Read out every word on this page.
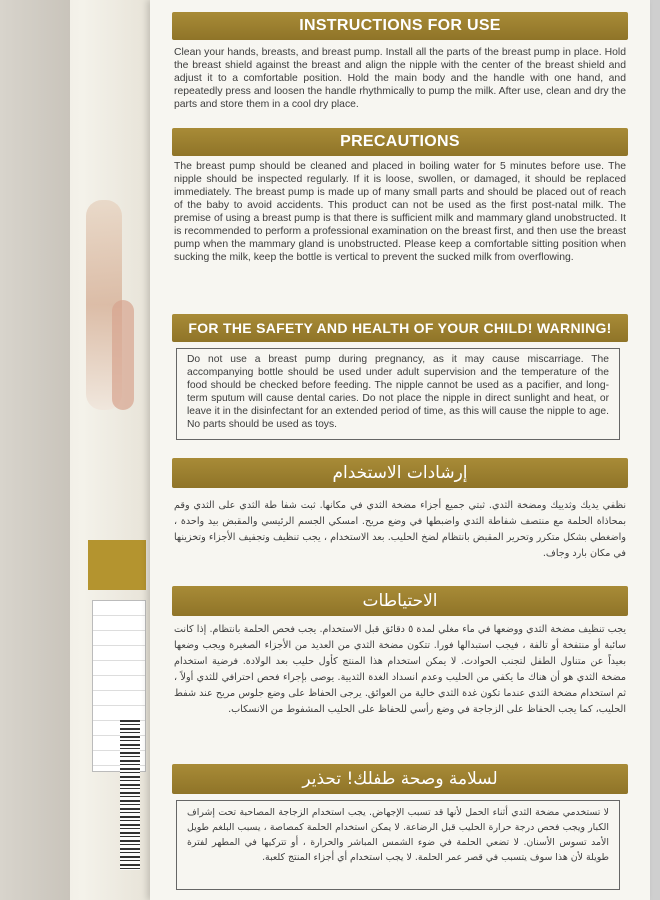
INSTRUCTIONS FOR USE
Clean your hands, breasts, and breast pump. Install all the parts of the breast pump in place. Hold the breast shield against the breast and align the nipple with the center of the breast shield and adjust it to a comfortable position. Hold the main body and the handle with one hand, and repeatedly press and loosen the handle rhythmically to pump the milk. After use, clean and dry the parts and store them in a cool dry place.
PRECAUTIONS
The breast pump should be cleaned and placed in boiling water for 5 minutes before use. The nipple should be inspected regularly. If it is loose, swollen, or damaged, it should be replaced immediately. The breast pump is made up of many small parts and should be placed out of reach of the baby to avoid accidents. This product can not be used as the first post-natal milk. The premise of using a breast pump is that there is sufficient milk and mammary gland unobstructed. It is recommended to perform a professional examination on the breast first, and then use the breast pump when the mammary gland is unobstructed. Please keep a comfortable sitting position when sucking the milk, keep the bottle is vertical to prevent the sucked milk from overflowing.
FOR THE SAFETY AND HEALTH OF YOUR CHILD! WARNING!
Do not use a breast pump during pregnancy, as it may cause miscarriage. The accompanying bottle should be used under adult supervision and the temperature of the food should be checked before feeding. The nipple cannot be used as a pacifier, and long-term sputum will cause dental caries. Do not place the nipple in direct sunlight and heat, or leave it in the disinfectant for an extended period of time, as this will cause the nipple to age. No parts should be used as toys.
إرشادات الاستخدام
نظفي يديك وثدييك ومضخة الثدي. ثبتي جميع أجزاء مضخة الثدي في مكانها. ثبت شفا طة الثدي على الثدي وقم بمحاذاة الحلمة مع منتصف شفاطة الثدي واضبطها في وضع مريح. امسكي الجسم الرئيسي والمقبض بيد واحدة ، واضغطي بشكل متكرر وتحرير المقبض بانتظام لضخ الحليب. بعد الاستخدام ، يجب تنظيف وتجفيف الأجزاء وتخزينها في مكان بارد وجاف.
الاحتياطات
يجب تنظيف مضخة الثدي ووضعها في ماء مغلي لمدة ٥ دقائق قبل الاستخدام. يجب فحص الحلمة بانتظام. إذا كانت سائبة أو منتفخة أو تالفة ، فيجب استبدالها فورا. تتكون مضخة الثدي من العديد من الأجزاء الصغيرة ويجب وضعها بعيداً عن متناول الطفل لتجنب الحوادث. لا يمكن استخدام هذا المنتج كأول حليب بعد الولادة. فرضية استخدام مضخة الثدي هو أن هناك ما يكفي من الحليب وعدم انسداد الغدة الثديية. يوصى بإجراء فحص احترافي للثدي أولاً ، ثم استخدام مضخة الثدي عندما تكون غدة الثدي خالية من العوائق. يرجى الحفاظ على وضع جلوس مريح عند شفط الحليب، كما يجب الحفاظ على الزجاجة في وضع رأسي للحفاظ على الحليب المشفوط من الانسكاب.
لسلامة وصحة طفلك! تحذير
لا تستخدمي مضخة الثدي أثناء الحمل لأنها قد تسبب الإجهاض. يجب استخدام الزجاجة المصاحبة تحت إشراف الكبار ويجب فحص درجة حرارة الحليب قبل الرضاعة. لا يمكن استخدام الحلمة كمصاصة ، يسبب البلغم طويل الأمد تسوس الأسنان. لا تضعي الحلمة في ضوء الشمس المباشر والحرارة ، أو تتركيها في المطهر لفترة طويلة لأن هذا سوف يتسبب في قصر عمر الحلمة. لا يجب استخدام أي أجزاء المنتج كلعبة.
